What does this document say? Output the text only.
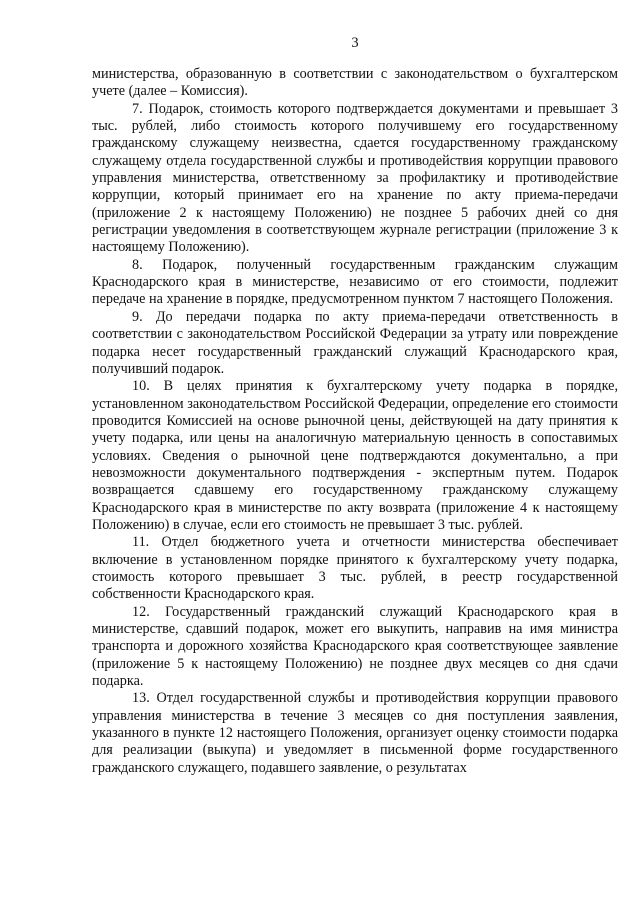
3

министерства, образованную в соответствии с законодательством о бухгалтерском учете (далее – Комиссия).

7. Подарок, стоимость которого подтверждается документами и превышает 3 тыс. рублей, либо стоимость которого получившему его государственному гражданскому служащему неизвестна, сдается государственному гражданскому служащему отдела государственной службы и противодействия коррупции правового управления министерства, ответственному за профилактику и противодействие коррупции, который принимает его на хранение по акту приема-передачи (приложение 2 к настоящему Положению) не позднее 5 рабочих дней со дня регистрации уведомления в соответствующем журнале регистрации (приложение 3 к настоящему Положению).

8. Подарок, полученный государственным гражданским служащим Краснодарского края в министерстве, независимо от его стоимости, подлежит передаче на хранение в порядке, предусмотренном пунктом 7 настоящего Положения.

9. До передачи подарка по акту приема-передачи ответственность в соответствии с законодательством Российской Федерации за утрату или повреждение подарка несет государственный гражданский служащий Краснодарского края, получивший подарок.

10. В целях принятия к бухгалтерскому учету подарка в порядке, установленном законодательством Российской Федерации, определение его стоимости проводится Комиссией на основе рыночной цены, действующей на дату принятия к учету подарка, или цены на аналогичную материальную ценность в сопоставимых условиях. Сведения о рыночной цене подтверждаются документально, а при невозможности документального подтверждения - экспертным путем. Подарок возвращается сдавшему его государственному гражданскому служащему Краснодарского края в министерстве по акту возврата (приложение 4 к настоящему Положению) в случае, если его стоимость не превышает 3 тыс. рублей.

11. Отдел бюджетного учета и отчетности министерства обеспечивает включение в установленном порядке принятого к бухгалтерскому учету подарка, стоимость которого превышает 3 тыс. рублей, в реестр государственной собственности Краснодарского края.

12. Государственный гражданский служащий Краснодарского края в министерстве, сдавший подарок, может его выкупить, направив на имя министра транспорта и дорожного хозяйства Краснодарского края соответствующее заявление (приложение 5 к настоящему Положению) не позднее двух месяцев со дня сдачи подарка.

13. Отдел государственной службы и противодействия коррупции правового управления министерства в течение 3 месяцев со дня поступления заявления, указанного в пункте 12 настоящего Положения, организует оценку стоимости подарка для реализации (выкупа) и уведомляет в письменной форме государственного гражданского служащего, подавшего заявление, о результатах
